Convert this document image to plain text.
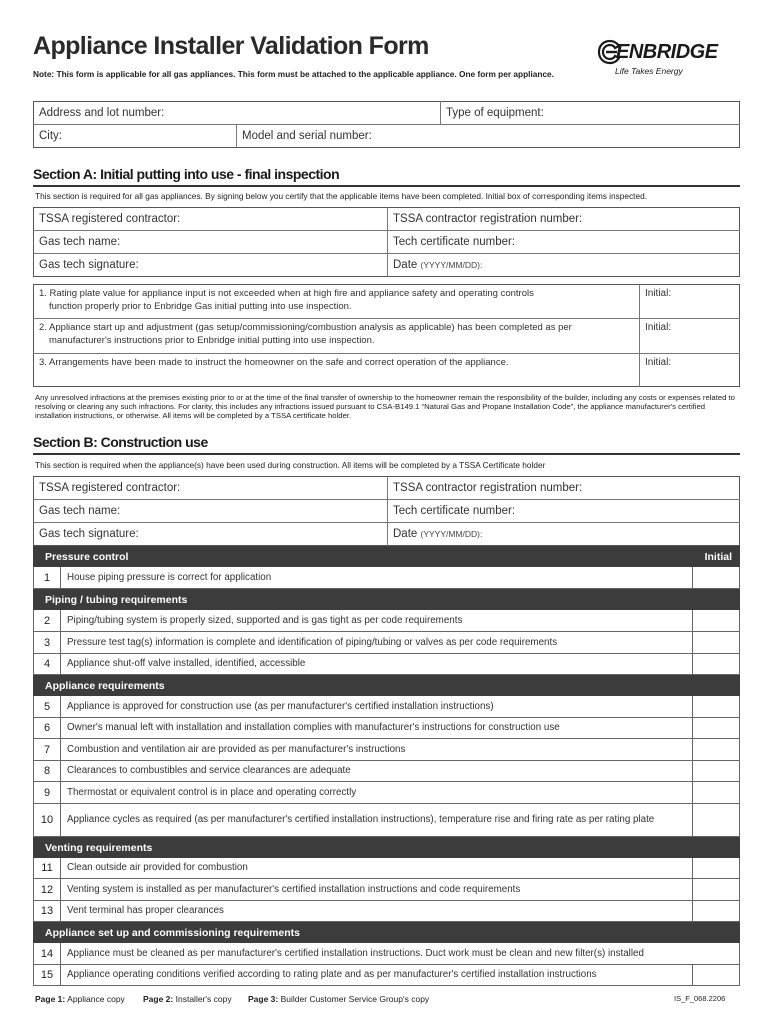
Appliance Installer Validation Form
Note: This form is applicable for all gas appliances. This form must be attached to the applicable appliance. One form per appliance.
ENBRIDGE
Life Takes Energy
Address and lot number:	Type of equipment:
City:	Model and serial number:
Section A: Initial putting into use - final inspection
This section is required for all gas appliances. By signing below you certify that the applicable items have been completed. Initial box of corresponding items inspected.
TSSA registered contractor:	TSSA contractor registration number:
Gas tech name:	Tech certificate number:
Gas tech signature:	Date
(YYYY/MM/DD):
1. Rating plate value for appliance input is not exceeded when at high fire and appliance safety and operating controls
function properly prior to Enbridge Gas initial putting into use inspection.
Initial:
2. Appliance start up and adjustment (gas setup/commissioning/combustion analysis as applicable) has been completed as per
manufacturer's instructions prior to Enbridge initial putting into use inspection.
Initial:
3. Arrangements have been made to instruct the homeowner on the safe and correct operation of the appliance.	Initial:
Any unresolved infractions at the premises existing prior to or at the time of the final transfer of ownership to the homeowner remain the responsibility of the builder, including any costs or expenses related to resolving or clearing any such infractions. For clarity, this includes any infractions issued pursuant to CSA-B149.1 “Natural Gas and Propane Installation Code”, the appliance manufacturer's certified installation instructions, or otherwise. All items will be completed by a TSSA certificate holder.
Section B: Construction use
This section is required when the appliance(s) have been used during construction. All items will be completed by a TSSA Certificate holder
TSSA registered contractor:	TSSA contractor registration number:
Gas tech name:	Tech certificate number:
Gas tech signature:	Date
(YYYY/MM/DD):
Pressure control	Initial
1	House piping pressure is correct for application
Piping / tubing requirements
2	Piping/tubing system is properly sized, supported and is gas tight as per code requirements
3	Pressure test tag(s) information is complete and identification of piping/tubing or valves as per code requirements
4	Appliance shut-off valve installed, identified, accessible
Appliance requirements
5	Appliance is approved for construction use (as per manufacturer's certified installation instructions)
6	Owner's manual left with installation and installation complies with manufacturer's instructions for construction use
7	Combustion and ventilation air are provided as per manufacturer's instructions
8	Clearances to combustibles and service clearances are adequate
9	Thermostat or equivalent control is in place and operating correctly
10	Appliance cycles as required (as per manufacturer's certified installation instructions), temperature rise and firing rate as per rating plate
Venting requirements
11	Clean outside air provided for combustion
12	Venting system is installed as per manufacturer's certified installation instructions and code requirements
13	Vent terminal has proper clearances
Appliance set up and commissioning requirements
14	Appliance must be cleaned as per manufacturer's certified installation instructions. Duct work must be clean and new filter(s) installed
15	Appliance operating conditions verified according to rating plate and as per manufacturer's certified installation instructions
Page 1: Appliance copy Page 2: Installer's copy Page 3: Builder Customer Service Group's copy	IS_F_068.2206
